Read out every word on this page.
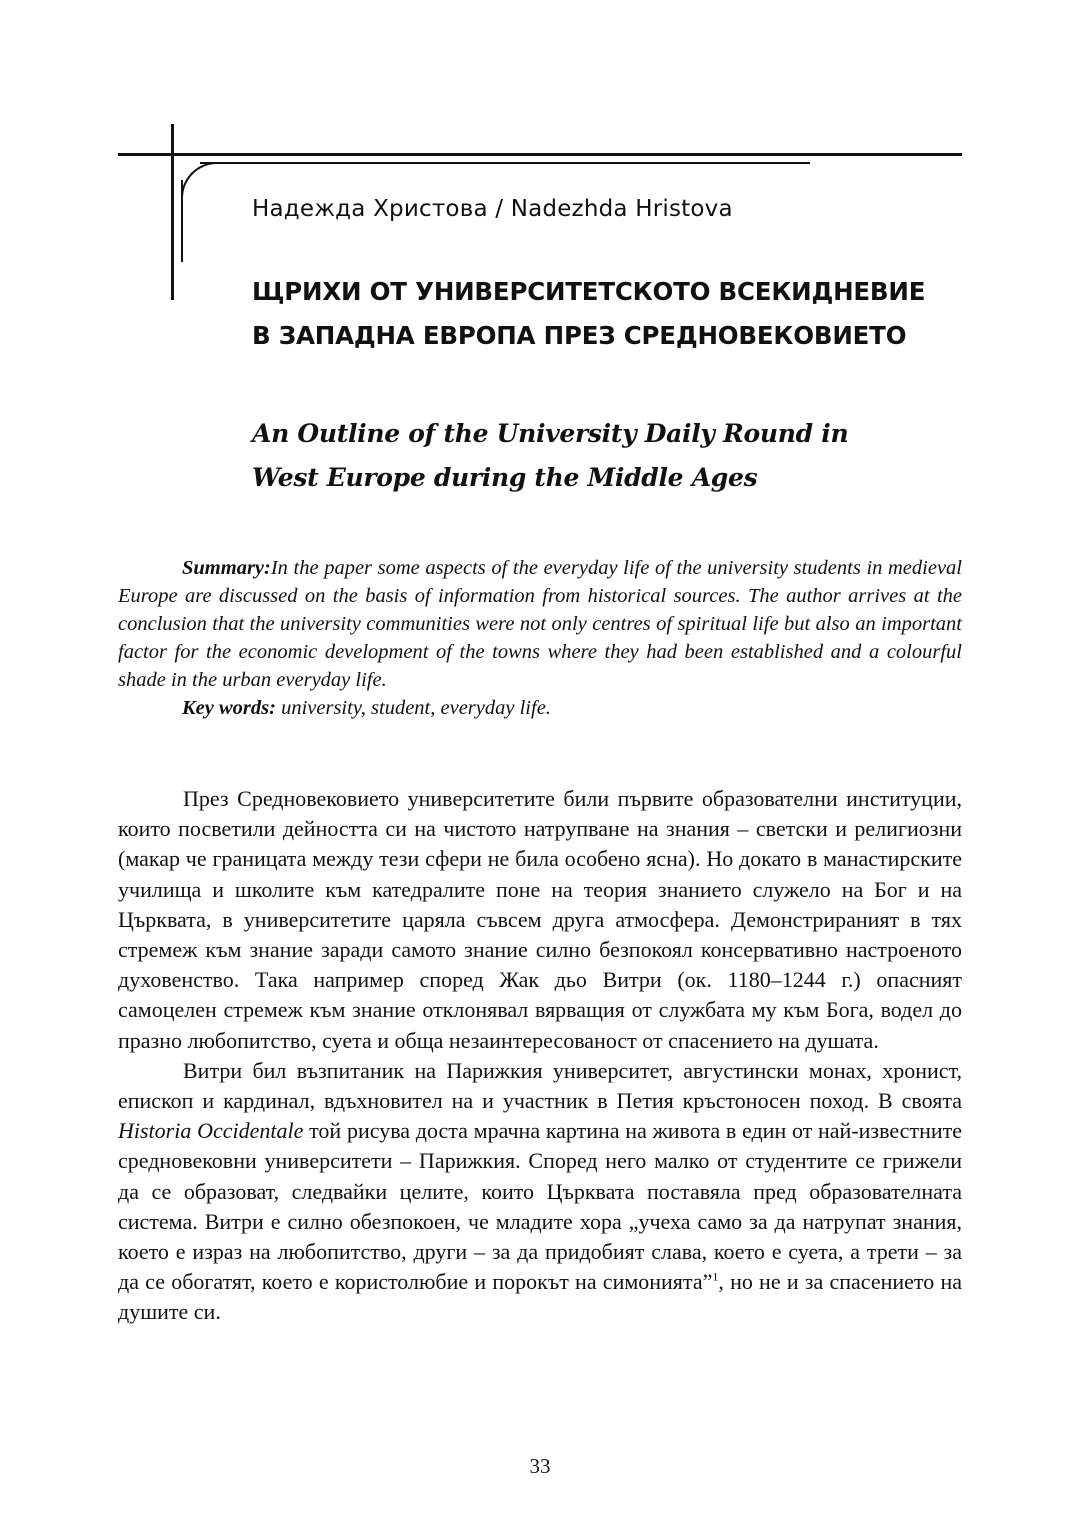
Надежда Христова / Nadezhda Hristova

ЩРИХИ ОТ УНИВЕРСИТЕТСКОТО ВСЕКИДНЕВИЕ
В ЗАПАДНА ЕВРОПА ПРЕЗ СРЕДНОВЕКОВИЕТО
An Outline of the University Daily Round in
West Europe during the Middle Ages

Summary:In the paper some aspects of the everyday life of the university students in medieval Europe are discussed on the basis of information from historical sources. The author arrives at the conclusion that the university communities were not only centres of spiritual life but also an important factor for the economic development of the towns where they had been established and a colourful shade in the urban everyday life.

Key words: university, student, everyday life.

През Средновековието университетите били първите образователни институции, които посветили дейността си на чистото натрупване на знания – светски и религиозни (макар че границата между тези сфери не била особено ясна). Но докато в манастирските училища и школите към катедралите поне на теория знанието служело на Бог и на Църквата, в университетите царяла съвсем друга атмосфера. Демонстрираният в тях стремеж към знание заради самото знание силно безпокоял консервативно настроеното духовенство. Така например според Жак дьо Витри (ок. 1180–1244 г.) опасният самоцелен стремеж към знание отклонявал вярващия от службата му към Бога, водел до празно любопитство, суета и обща незаинтересованост от спасението на душата.

Витри бил възпитаник на Парижкия университет, августински монах, хронист, епископ и кардинал, вдъхновител на и участник в Петия кръстоносен поход. В своята Historia Occidentale той рисува доста мрачна картина на живота в един от най-известните средновековни университети – Парижкия. Според него малко от студентите се грижели да се образоват, следвайки целите, които Църквата поставяла пред образователната система. Витри е силно обезпокоен, че младите хора „учеха само за да натрупат знания, което е израз на любопитство, други – за да придобият слава, което е суета, а трети – за да се обогатят, което е користолюбие и порокът на симонията”$^1$, но не и за спасението на душите си.

33
